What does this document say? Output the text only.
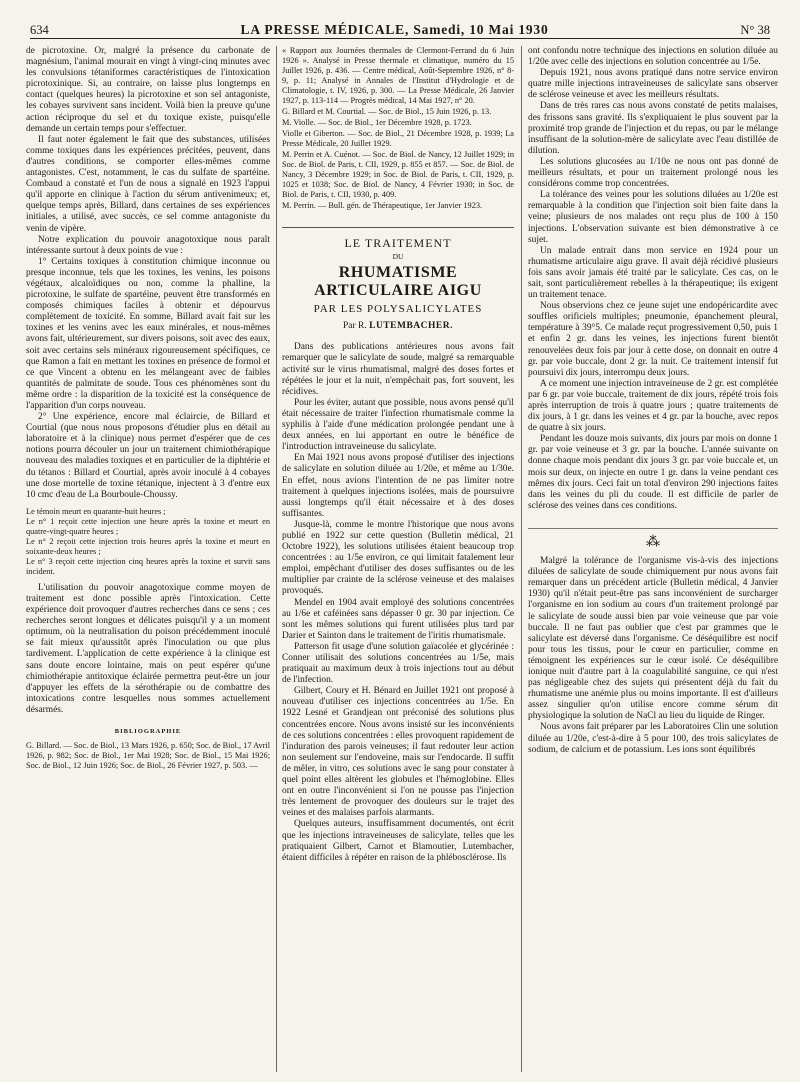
634	LA PRESSE MÉDICALE, Samedi, 10 Mai 1930	N° 38

de picrotoxine. Or, malgré la présence du carbonate de magnésium, l'animal mourait en vingt à vingt-cinq minutes avec les convulsions tétaniformes caractéristiques de l'intoxication picrotoxinique. Si, au contraire, on laisse plus longtemps en contact (quelques heures) la picrotoxine et son sel antagoniste, les cobayes survivent sans incident. Voilà bien la preuve qu'une action réciproque du sel et du toxique existe, puisqu'elle demande un certain temps pour s'effectuer.

Il faut noter également le fait que des substances, utilisées comme toxiques dans les expériences précitées, peuvent, dans d'autres conditions, se comporter elles-mêmes comme antagonistes. C'est, notamment, le cas du sulfate de spartéine. Combaud a constaté et l'un de nous a signalé en 1923 l'appui qu'il apporte en clinique à l'action du sérum antivenimeux; et, quelque temps après, Billard, dans certaines de ses expériences initiales, a utilisé, avec succès, ce sel comme antagoniste du venin de vipère.

Notre explication du pouvoir anagotoxique nous paraît intéressante surtout à deux points de vue :

1° Certains toxiques à constitution chimique inconnue ou presque inconnue, tels que les toxines, les venins, les poisons végétaux, alcaloïdiques ou non, comme la phalline, la picrotoxine, le sulfate de spartéine, peuvent être transformés en composés chimiques faciles à obtenir et dépourvus complètement de toxicité. En somme, Billard avait fait sur les toxines et les venins avec les eaux minérales, et nous-mêmes avons fait, ultérieurement, sur divers poisons, soit avec des eaux, soit avec certains sels minéraux rigoureusement spécifiques, ce que Ramon a fait en mettant les toxines en présence de formol et ce que Vincent a obtenu en les mélangeant avec de faibles quantités de palmitate de soude. Tous ces phénomènes sont du même ordre : la disparition de la toxicité est la conséquence de l'apparition d'un corps nouveau.

2° Une expérience, encore mal éclaircie, de Billard et Courtial (que nous nous proposons d'étudier plus en détail au laboratoire et à la clinique) nous permet d'espérer que de ces notions pourra découler un jour un traitement chimiothérapique nouveau des maladies toxiques et en particulier de la diphtérie et du tétanos : Billard et Courtial, après avoir inoculé à 4 cobayes une dose mortelle de toxine tétanique, injectent à 3 d'entre eux 10 cmc d'eau de La Bourboule-Choussy.

Le témoin meurt en quarante-huit heures ;

Le n° 1 reçoit cette injection une heure après la toxine et meurt en quatre-vingt-quatre heures ;

Le n° 2 reçoit cette injection trois heures après la toxine et meurt en soixante-deux heures ;

Le n° 3 reçoit cette injection cinq heures après la toxine et survit sans incident.

L'utilisation du pouvoir anagotoxique comme moyen de traitement est donc possible après l'intoxication. Cette expérience doit provoquer d'autres recherches dans ce sens ; ces recherches seront longues et délicates puisqu'il y a un moment optimum, où la neutralisation du poison précédemment inoculé se fait mieux qu'aussitôt après l'inoculation ou que plus tardivement. L'application de cette expérience à la clinique est sans doute encore lointaine, mais on peut espérer qu'une chimiothérapie antitoxique éclairée permettra peut-être un jour d'appuyer les effets de la sérothérapie ou de combattre des intoxications contre lesquelles nous sommes actuellement désarmés.

BIBLIOGRAPHIE

G. Billard. — Soc. de Biol., 13 Mars 1926, p. 650; Soc. de Biol., 17 Avril 1926, p. 982; Soc. de Biol., 1er Mai 1928; Soc. de Biol., 15 Mai 1926; Soc. de Biol., 12 Juin 1926; Soc. de Biol., 26 Février 1927, p. 503. —

« Rapport aux Journées thermales de Clermont-Ferrand du 6 Juin 1926 ». Analysé in Presse thermale et climatique, numéro du 15 Juillet 1926, p. 436. — Centre médical, Août-Septembre 1926, n° 8-9, p. 11; Analysé in Annales de l'Institut d'Hydrologie et de Climatologie, t. IV, 1926, p. 300. — La Presse Médicale, 26 Janvier 1927, p. 113-114 — Progrès médical, 14 Mai 1927, n° 20.

G. Billard et M. Courtial. — Soc. de Biol., 15 Juin 1926, p. 13.

M. Violle. — Soc. de Biol., 1er Décembre 1928, p. 1723.

Violle et Giberton. — Soc. de Biol., 21 Décembre 1928, p. 1939; La Presse Médicale, 20 Juillet 1929.

M. Perrin et A. Cuénot. — Soc. de Biol. de Nancy, 12 Juillet 1929; in Soc. de Biol. de Paris, t. CII, 1929, p. 855 et 857. — Soc. de Biol. de Nancy, 3 Décembre 1929; in Soc. de Biol. de Paris, t. CII, 1929, p. 1025 et 1038; Soc. de Biol. de Nancy, 4 Février 1930; in Soc. de Biol. de Paris, t. CII, 1930, p. 409.

M. Perrin. — Bull. gén. de Thérapeutique, 1er Janvier 1923.

LE TRAITEMENT
DU
RHUMATISME ARTICULAIRE AIGU
PAR LES POLYSALICYLATES
Par R. LUTEMBACHER.

Dans des publications antérieures nous avons fait remarquer que le salicylate de soude, malgré sa remarquable activité sur le virus rhumatismal, malgré des doses fortes et répétées le jour et la nuit, n'empêchait pas, fort souvent, les récidives.

Pour les éviter, autant que possible, nous avons pensé qu'il était nécessaire de traiter l'infection rhumatismale comme la syphilis à l'aide d'une médication prolongée pendant une à deux années, en lui apportant en outre le bénéfice de l'introduction intraveineuse du salicylate.

En Mai 1921 nous avons proposé d'utiliser des injections de salicylate en solution diluée au 1/20e, et même au 1/30e. En effet, nous avions l'intention de ne pas limiter notre traitement à quelques injections isolées, mais de poursuivre aussi longtemps qu'il était nécessaire et à des doses suffisantes.

Jusque-là, comme le montre l'historique que nous avons publié en 1922 sur cette question (Bulletin médical, 21 Octobre 1922), les solutions utilisées étaient beaucoup trop concentrées : au 1/5e environ, ce qui limitait fatalement leur emploi, empêchant d'utiliser des doses suffisantes ou de les multiplier par crainte de la sclérose veineuse et des malaises provoqués.

Mendel en 1904 avait employé des solutions concentrées au 1/6e et caféinées sans dépasser 0 gr. 30 par injection. Ce sont les mêmes solutions qui furent utilisées plus tard par Darier et Sainton dans le traitement de l'iritis rhumatismale.

Patterson fit usage d'une solution gaïacolée et glycérinée : Conner utilisait des solutions concentrées au 1/5e, mais pratiquait au maximum deux à trois injections tout au début de l'infection.

Gilbert, Coury et H. Bénard en Juillet 1921 ont proposé à nouveau d'utiliser ces injections concentrées au 1/5e. En 1922 Lesné et Grandjean ont préconisé des solutions plus concentrées encore. Nous avons insisté sur les inconvénients de ces solutions concentrées : elles provoquent rapidement de l'induration des parois veineuses; il faut redouter leur action non seulement sur l'endoveine, mais sur l'endocarde. Il suffit de mêler, in vitro, ces solutions avec le sang pour constater à quel point elles altèrent les globules et l'hémoglobine. Elles ont en outre l'inconvénient si l'on ne pousse pas l'injection très lentement de provoquer des douleurs sur le trajet des veines et des malaises parfois alarmants.

Quelques auteurs, insuffisamment documentés, ont écrit que les injections intraveineuses de salicylate, telles que les pratiquaient Gilbert, Carnot et Blamoutier, Lutembacher, étaient difficiles à répéter en raison de la phlébosclérose. Ils

ont confondu notre technique des injections en solution diluée au 1/20e avec celle des injections en solution concentrée au 1/5e.

Depuis 1921, nous avons pratiqué dans notre service environ quatre mille injections intraveineuses de salicylate sans observer de sclérose veineuse et avec les meilleurs résultats.

Dans de très rares cas nous avons constaté de petits malaises, des frissons sans gravité. Ils s'expliquaient le plus souvent par la proximité trop grande de l'injection et du repas, ou par le mélange insuffisant de la solution-mère de salicylate avec l'eau distillée de dilution.

Les solutions glucosées au 1/10e ne nous ont pas donné de meilleurs résultats, et pour un traitement prolongé nous les considérons comme trop concentrées.

La tolérance des veines pour les solutions diluées au 1/20e est remarquable à la condition que l'injection soit bien faite dans la veine; plusieurs de nos malades ont reçu plus de 100 à 150 injections. L'observation suivante est bien démonstrative à ce sujet.

Un malade entrait dans mon service en 1924 pour un rhumatisme articulaire aigu grave. Il avait déjà récidivé plusieurs fois sans avoir jamais été traité par le salicylate. Ces cas, on le sait, sont particulièrement rebelles à la thérapeutique; ils exigent un traitement tenace.

Nous observions chez ce jeune sujet une endopéricardite avec souffles orificiels multiples; pneumonie, épanchement pleural, température à 39°5. Ce malade reçut progressivement 0,50, puis 1 et enfin 2 gr. dans les veines, les injections furent bientôt renouvelées deux fois par jour à cette dose, on donnait en outre 4 gr. par voie buccale, dont 2 gr. la nuit. Ce traitement intensif fut poursuivi dix jours, interrompu deux jours.

A ce moment une injection intraveineuse de 2 gr. est complétée par 6 gr. par voie buccale, traitement de dix jours, répété trois fois après interruption de trois à quatre jours ; quatre traitements de dix jours, à 1 gr. dans les veines et 4 gr. par la bouche, avec repos de quatre à six jours.

Pendant les douze mois suivants, dix jours par mois on donne 1 gr. par voie veineuse et 3 gr. par la bouche. L'année suivante on donne chaque mois pendant dix jours 3 gr. par voie buccale et, un mois sur deux, on injecte en outre 1 gr. dans la veine pendant ces mêmes dix jours. Ceci fait un total d'environ 290 injections faites dans les veines du pli du coude. Il est difficile de parler de sclérose des veines dans ces conditions.

⁂

Malgré la tolérance de l'organisme vis-à-vis des injections diluées de salicylate de soude chimiquement pur nous avons fait remarquer dans un précédent article (Bulletin médical, 4 Janvier 1930) qu'il n'était peut-être pas sans inconvénient de surcharger l'organisme en ion sodium au cours d'un traitement prolongé par le salicylate de soude aussi bien par voie veineuse que par voie buccale. Il ne faut pas oublier que c'est par grammes que le salicylate est déversé dans l'organisme. Ce déséquilibre est nocif pour tous les tissus, pour le cœur en particulier, comme en témoignent les expériences sur le cœur isolé. Ce déséquilibre ionique nuit d'autre part à la coagulabilité sanguine, ce qui n'est pas négligeable chez des sujets qui présentent déjà du fait du rhumatisme une anémie plus ou moins importante. Il est d'ailleurs assez singulier qu'on utilise encore comme sérum dit physiologique la solution de NaCl au lieu du liquide de Ringer.

Nous avons fait préparer par les Laboratoires Clin une solution diluée au 1/20e, c'est-à-dire à 5 pour 100, des trois salicylates de sodium, de calcium et de potassium. Les ions sont équilibrés
